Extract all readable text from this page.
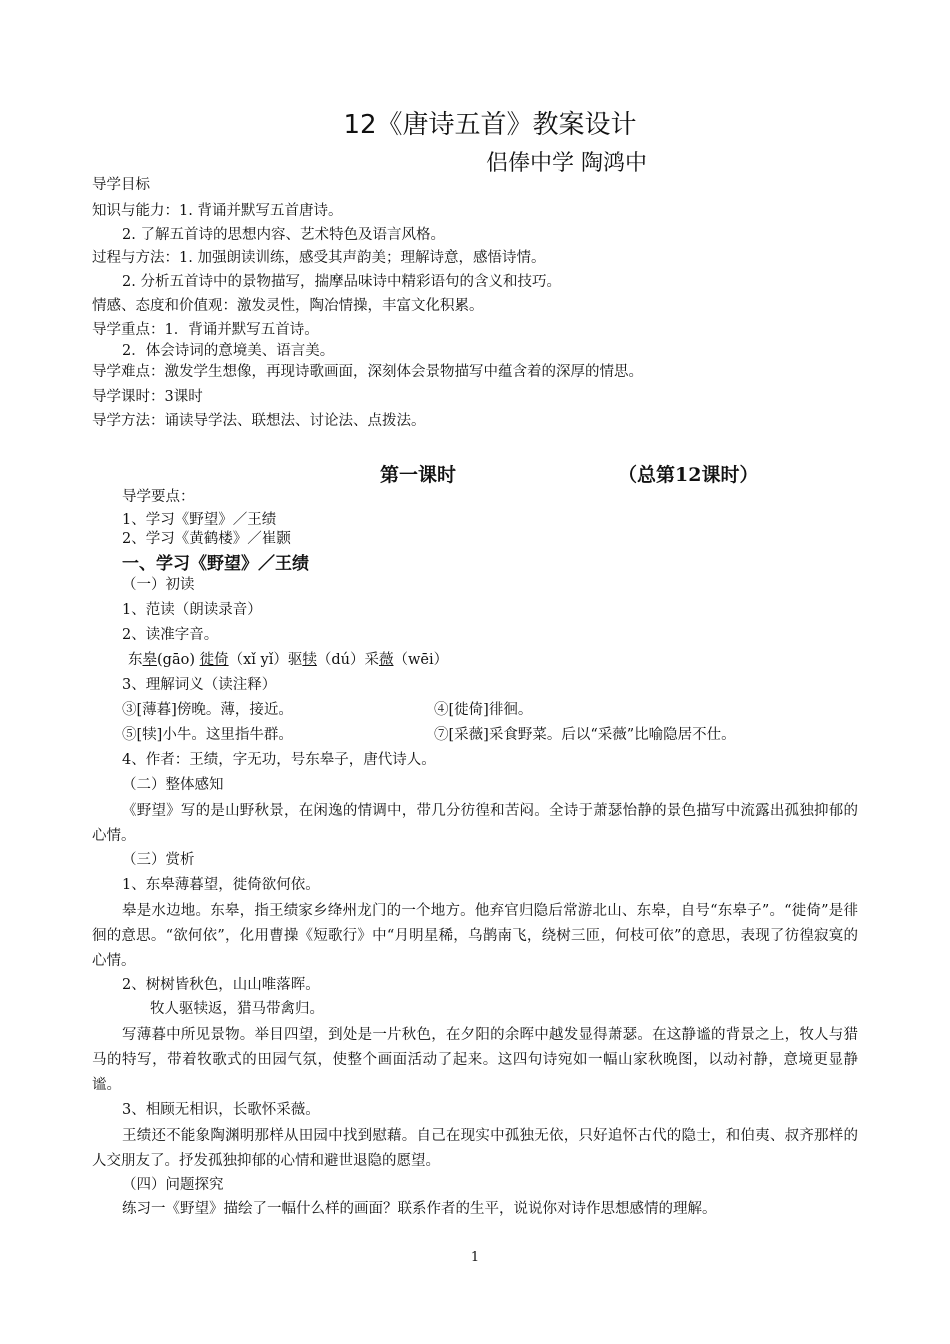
12《唐诗五首》教案设计
侣俸中学 陶鸿中
导学目标
知识与能力：1. 背诵并默写五首唐诗。
2. 了解五首诗的思想内容、艺术特色及语言风格。
过程与方法：1. 加强朗读训练，感受其声韵美；理解诗意，感悟诗情。
2. 分析五首诗中的景物描写，揣摩品味诗中精彩语句的含义和技巧。
情感、态度和价值观：激发灵性，陶冶情操，丰富文化积累。
导学重点：1．背诵并默写五首诗。
2．体会诗词的意境美、语言美。
导学难点：激发学生想像，再现诗歌画面，深刻体会景物描写中蕴含着的深厚的情思。
导学课时：3课时
导学方法：诵读导学法、联想法、讨论法、点拨法。
第一课时	（总第12课时）
导学要点：
1、学习《野望》／王绩
2、学习《黄鹤楼》／崔颢
一、学习《野望》／王绩
（一）初读
1、范读（朗读录音）
2、读准字音。
东皋(gāo) 徙倚（xǐ yǐ）驱犊（dú）采薇（wēi）
3、理解词义（读注释）
③[薄暮]傍晚。薄，接近。	④[徙倚]徘徊。
⑤[犊]小牛。这里指牛群。	⑦[采薇]采食野菜。后以“采薇”比喻隐居不仕。
4、作者：王绩，字无功，号东皋子，唐代诗人。
（二）整体感知
《野望》写的是山野秋景，在闲逸的情调中，带几分彷徨和苦闷。全诗于萧瑟怡静的景色描写中流露出孤独抑郁的心情。
（三）赏析
1、东皋薄暮望，徙倚欲何依。
皋是水边地。东皋，指王绩家乡绛州龙门的一个地方。他弃官归隐后常游北山、东皋，自号“东皋子”。“徙倚”是徘徊的意思。“欲何依”，化用曹操《短歌行》中“月明星稀，乌鹊南飞，绕树三匝，何枝可依”的意思，表现了彷徨寂寞的心情。
2、树树皆秋色，山山唯落晖。
牧人驱犊返，猎马带禽归。
写薄暮中所见景物。举目四望，到处是一片秋色，在夕阳的余晖中越发显得萧瑟。在这静谧的背景之上，牧人与猎马的特写，带着牧歌式的田园气氛，使整个画面活动了起来。这四句诗宛如一幅山家秋晚图，以动衬静，意境更显静谧。
3、相顾无相识，长歌怀采薇。
王绩还不能象陶渊明那样从田园中找到慰藉。自己在现实中孤独无依，只好追怀古代的隐士，和伯夷、叔齐那样的人交朋友了。抒发孤独抑郁的心情和避世退隐的愿望。
（四）问题探究
练习一《野望》描绘了一幅什么样的画面？联系作者的生平，说说你对诗作思想感情的理解。
1
